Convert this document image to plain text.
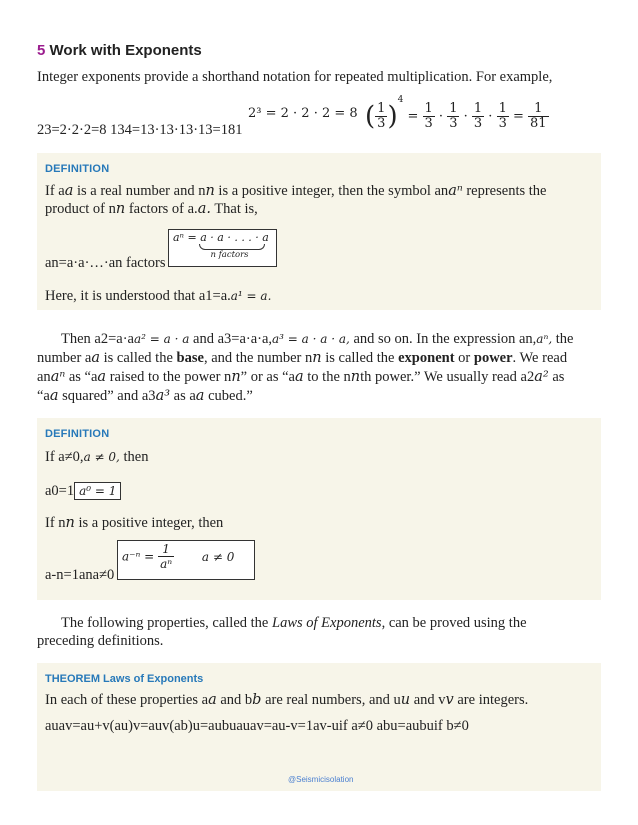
5 Work with Exponents
Integer exponents provide a shorthand notation for repeated multiplication. For example,
2³ = 2 · 2 · 2 = 8 ( $\frac{1}{3} )^4 = \frac{1}{3} \cdot \frac{1}{3} \cdot \frac{1}{3} \cdot \frac{1}{3} = \frac{1}{81}$
23=2·2·2=8 134=13·13·13·13=181
DEFINITION
If aa is a real number and nn is a positive integer, then the symbol anaⁿ represents the
product of nn factors of a.a. That is,
aⁿ = a · a · . . . · a
n factors
an=a·a·…·an factors
Here, it is understood that a1=a.a¹ = a.
Then a2=a·aa² = a · a and a3=a·a·a,a³ = a · a · a, and so on. In the expression an,aⁿ, the
number aa is called the base, and the number nn is called the exponent or power. We read
anaⁿ as “aa raised to the power nn” or as “aa to the nnth power.” We usually read a2a² as
“aa squared” and a3a³ as aa cubed.”
DEFINITION
If a≠0,a ≠ 0, then
a0=1 a⁰ = 1
If nn is a positive integer, then
$a^{-n} = \frac{1}{\text{aⁿ}}$ a ≠ 0
a-n=1ana≠0
The following properties, called the Laws of Exponents, can be proved using the
preceding definitions.
THEOREM Laws of Exponents
In each of these properties aa and bb are real numbers, and uu and vv are integers.
auav=au+v(au)v=auv(ab)u=aubuauav=au-v=1av-uif a≠0 abu=aubuif b≠0
@Seismicisolation
